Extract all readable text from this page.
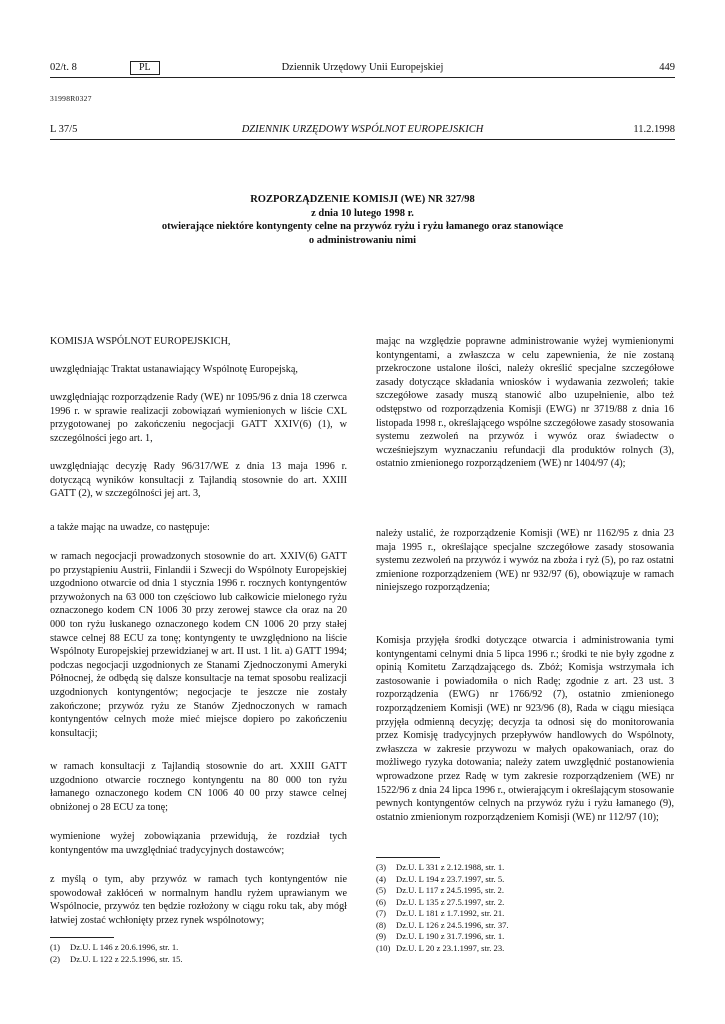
02/t. 8	PL	Dziennik Urzędowy Unii Europejskiej	449
31998R0327
L 37/5	DZIENNIK URZĘDOWY WSPÓLNOT EUROPEJSKICH	11.2.1998
ROZPORZĄDZENIE KOMISJI (WE) NR 327/98
z dnia 10 lutego 1998 r.
otwierające niektóre kontyngenty celne na przywóz ryżu i ryżu łamanego oraz stanowiące
o administrowaniu nimi

KOMISJA WSPÓLNOT EUROPEJSKICH,

uwzględniając Traktat ustanawiający Wspólnotę Europejską,

uwzględniając rozporządzenie Rady (WE) nr 1095/96 z dnia 18 czerwca 1996 r. w sprawie realizacji zobowiązań wymienionych w liście CXL przygotowanej po zakończeniu negocjacji GATT XXIV(6) (1), w szczególności jego art. 1,

uwzględniając decyzję Rady 96/317/WE z dnia 13 maja 1996 r. dotyczącą wyników konsultacji z Tajlandią stosownie do art. XXIII GATT (2), w szczególności jej art. 3,

a także mając na uwadze, co następuje:

w ramach negocjacji prowadzonych stosownie do art. XXIV(6) GATT po przystąpieniu Austrii, Finlandii i Szwecji do Wspólnoty Europejskiej uzgodniono otwarcie od dnia 1 stycznia 1996 r. rocznych kontyngentów przywożonych na 63 000 ton częściowo lub całkowicie mielonego ryżu oznaczonego kodem CN 1006 30 przy zerowej stawce cła oraz na 20 000 ton ryżu łuskanego oznaczonego kodem CN 1006 20 przy stałej stawce celnej 88 ECU za tonę; kontyngenty te uwzględniono na liście Wspólnoty Europejskiej przewidzianej w art. II ust. 1 lit. a) GATT 1994; podczas negocjacji uzgodnionych ze Stanami Zjednoczonymi Ameryki Północnej, że odbędą się dalsze konsultacje na temat sposobu realizacji uzgodnionych kontyngentów; negocjacje te jeszcze nie zostały zakończone; przywóz ryżu ze Stanów Zjednoczonych w ramach kontyngentów celnych może mieć miejsce dopiero po zakończeniu konsultacji;

w ramach konsultacji z Tajlandią stosownie do art. XXIII GATT uzgodniono otwarcie rocznego kontyngentu na 80 000 ton ryżu łamanego oznaczonego kodem CN 1006 40 00 przy stawce celnej obniżonej o 28 ECU za tonę;

wymienione wyżej zobowiązania przewidują, że rozdział tych kontyngentów ma uwzględniać tradycyjnych dostawców;

z myślą o tym, aby przywóz w ramach tych kontyngentów nie spowodował zakłóceń w normalnym handlu ryżem uprawianym we Wspólnocie, przywóz ten będzie rozłożony w ciągu roku tak, aby mógł łatwiej zostać wchłonięty przez rynek wspólnotowy;

(1)	Dz.U. L 146 z 20.6.1996, str. 1.
(2)	Dz.U. L 122 z 22.5.1996, str. 15.

mając na względzie poprawne administrowanie wyżej wymienionymi kontyngentami, a zwłaszcza w celu zapewnienia, że nie zostaną przekroczone ustalone ilości, należy określić specjalne szczegółowe zasady dotyczące składania wniosków i wydawania zezwoleń; takie szczegółowe zasady muszą stanowić albo uzupełnienie, albo też odstępstwo od rozporządzenia Komisji (EWG) nr 3719/88 z dnia 16 listopada 1998 r., określającego wspólne szczegółowe zasady stosowania systemu zezwoleń na przywóz i wywóz oraz świadectw o wcześniejszym wyznaczaniu refundacji dla produktów rolnych (3), ostatnio zmienionego rozporządzeniem (WE) nr 1404/97 (4);

należy ustalić, że rozporządzenie Komisji (WE) nr 1162/95 z dnia 23 maja 1995 r., określające specjalne szczegółowe zasady stosowania systemu zezwoleń na przywóz i wywóz na zboża i ryż (5), po raz ostatni zmienione rozporządzeniem (WE) nr 932/97 (6), obowiązuje w ramach niniejszego rozporządzenia;

Komisja przyjęła środki dotyczące otwarcia i administrowania tymi kontyngentami celnymi dnia 5 lipca 1996 r.; środki te nie były zgodne z opinią Komitetu Zarządzającego ds. Zbóż; Komisja wstrzymała ich zastosowanie i powiadomiła o nich Radę; zgodnie z art. 23 ust. 3 rozporządzenia (EWG) nr 1766/92 (7), ostatnio zmienionego rozporządzeniem Komisji (WE) nr 923/96 (8), Rada w ciągu miesiąca przyjęła odmienną decyzję; decyzja ta odnosi się do monitorowania przez Komisję tradycyjnych przepływów handlowych do Wspólnoty, zwłaszcza w zakresie przywozu w małych opakowaniach, oraz do możliwego ryzyka dotowania; należy zatem uwzględnić postanowienia wprowadzone przez Radę w tym zakresie rozporządzeniem (WE) nr 1522/96 z dnia 24 lipca 1996 r., otwierającym i określającym stosowanie pewnych kontyngentów celnych na przywóz ryżu i ryżu łamanego (9), ostatnio zmienionym rozporządzeniem Komisji (WE) nr 112/97 (10);

(3)	Dz.U. L 331 z 2.12.1988, str. 1.
(4)	Dz.U. L 194 z 23.7.1997, str. 5.
(5)	Dz.U. L 117 z 24.5.1995, str. 2.
(6)	Dz.U. L 135 z 27.5.1997, str. 2.
(7)	Dz.U. L 181 z 1.7.1992, str. 21.
(8)	Dz.U. L 126 z 24.5.1996, str. 37.
(9)	Dz.U. L 190 z 31.7.1996, str. 1.
(10) Dz.U. L 20 z 23.1.1997, str. 23.
